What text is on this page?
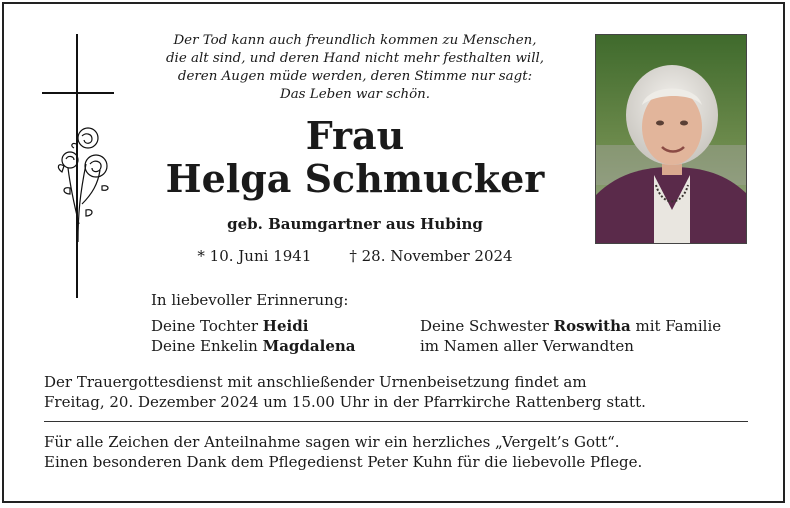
Der Tod kann auch freundlich kommen zu Menschen,
die alt sind, und deren Hand nicht mehr festhalten will,
deren Augen müde werden, deren Stimme nur sagt:
Das Leben war schön.
Frau
Helga Schmucker
geb. Baumgartner aus Hubing
* 10. Juni 1941	† 28. November 2024
In liebevoller Erinnerung:
Deine Tochter Heidi
Deine Enkelin Magdalena
Deine Schwester Roswitha mit Familie
im Namen aller Verwandten
Der Trauergottesdienst mit anschließender Urnenbeisetzung findet am
Freitag, 20. Dezember 2024 um 15.00 Uhr in der Pfarrkirche Rattenberg statt.
Für alle Zeichen der Anteilnahme sagen wir ein herzliches „Vergelt’s Gott“.
Einen besonderen Dank dem Pflegedienst Peter Kuhn für die liebevolle Pflege.
